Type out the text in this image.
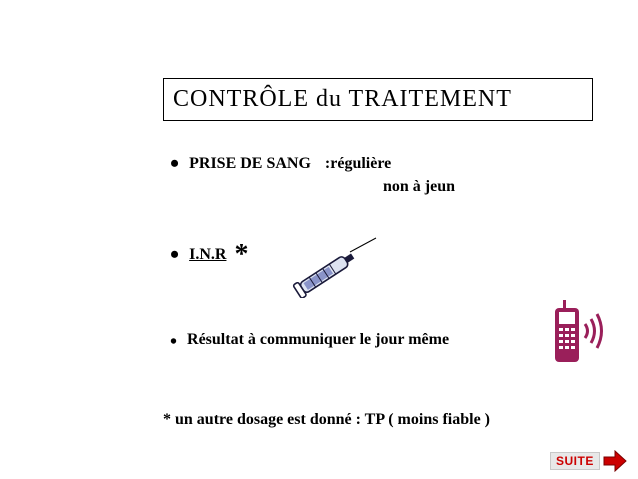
CONTRÔLE du TRAITEMENT
• PRISE DE SANG :régulière
non à jeun
• I.N.R *
• Résultat à communiquer le jour même
* un autre dosage est donné : TP ( moins fiable )
SUITE
